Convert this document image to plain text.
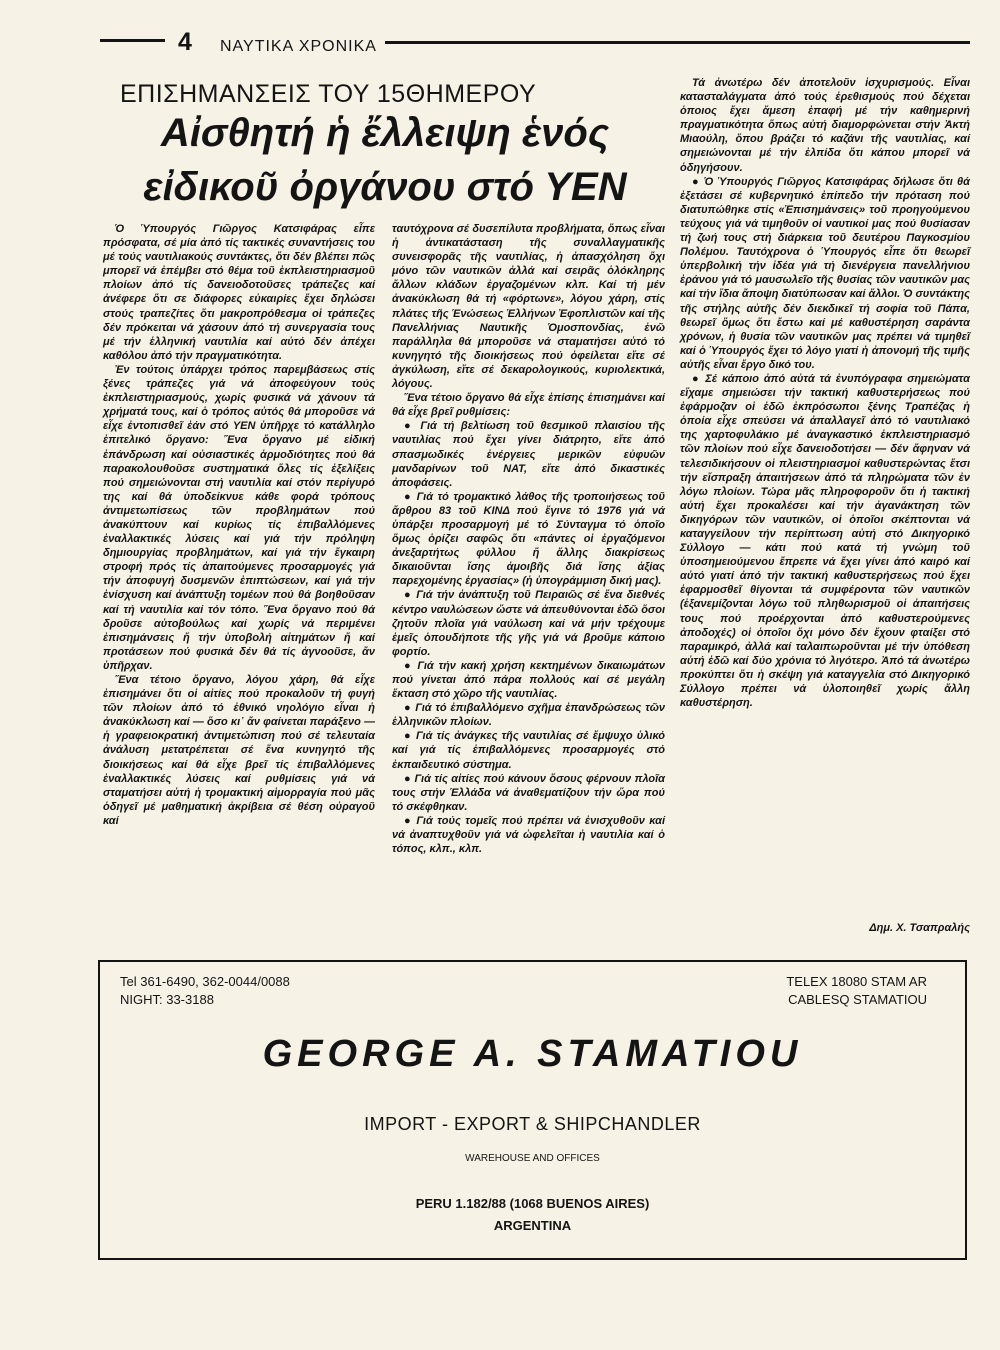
4 ΝΑΥΤΙΚΑ ΧΡΟΝΙΚΑ
ΕΠΙΣΗΜΑΝΣΕΙΣ ΤΟΥ 15ΘΗΜΕΡΟΥ
Αἰσθητή ἡ ἔλλειψη ἑνός
εἰδικοῦ ὀργάνου στό ΥΕΝ

Ὁ Ὑπουργός Γιῶργος Κατσιφάρας εἶπε πρόσφατα, σέ μία ἀπό τίς τακτικές συναντήσεις του μέ τούς ναυτιλιακούς συντάκτες, ὅτι δέν βλέπει πῶς μπορεῖ νά ἐπέμβει στό θέμα τοῦ ἐκπλειστηριασμοῦ πλοίων ἀπό τίς δανειοδοτοῦσες τράπεζες καί ἀνέφερε ὅτι σε διάφορες εὐκαιρίες ἔχει δηλώσει στούς τραπεζίτες ὅτι μακροπρόθεσμα οἱ τράπεζες δέν πρόκειται νά χάσουν ἀπό τή συνεργασία τους μέ τήν ἑλληνική ναυτιλία καί αὐτό δέν ἀπέχει καθόλου ἀπό τήν πραγματικότητα.

Ἐν τούτοις ὑπάρχει τρόπος παρεμβάσεως στίς ξένες τράπεζες γιά νά ἀποφεύγουν τούς ἐκπλειστηριασμούς, χωρίς φυσικά νά χάνουν τά χρήματά τους, καί ὁ τρόπος αὐτός θά μποροῦσε νά εἶχε ἐντοπισθεῖ ἐάν στό ΥΕΝ ὑπῆρχε τό κατάλληλο ἐπιτελικό ὄργανο: Ἕνα ὄργανο μέ εἰδική ἐπάνδρωση καί οὐσιαστικές ἁρμοδιότητες πού θά παρακολουθοῦσε συστηματικά ὅλες τίς ἐξελίξεις πού σημειώνονται στή ναυτιλία καί στόν περίγυρό της καί θά ὑποδείκνυε κάθε φορά τρόπους ἀντιμετωπίσεως τῶν προβλημάτων πού ἀνακύπτουν καί κυρίως τίς ἐπιβαλλόμενες ἐναλλακτικές λύσεις καί γιά τήν πρόληψη δημιουργίας προβλημάτων, καί γιά τήν ἔγκαιρη στροφή πρός τίς ἀπαιτούμενες προσαρμογές γιά τήν ἀποφυγή δυσμενῶν ἐπιπτώσεων, καί γιά τήν ἐνίσχυση καί ἀνάπτυξη τομέων πού θά βοηθοῦσαν καί τή ναυτιλία καί τόν τόπο. Ἕνα ὄργανο πού θά δροῦσε αὐτοβούλως καί χωρίς νά περιμένει ἐπισημάνσεις ἤ τήν ὑποβολή αἰτημάτων ἤ καί προτάσεων πού φυσικά δέν θά τίς ἀγνοοῦσε, ἄν ὑπῆρχαν.

Ἕνα τέτοιο ὄργανο, λόγου χάρη, θά εἶχε ἐπισημάνει ὅτι οἱ αἰτίες πού προκαλοῦν τή φυγή τῶν πλοίων ἀπό τό ἐθνικό νηολόγιο εἶναι ἡ ἀνακύκλωση καί — ὅσο κι᾿ ἄν φαίνεται παράξενο — ἡ γραφειοκρατική ἀντιμετώπιση πού σέ τελευταία ἀνάλυση μετατρέπεται σέ ἕνα κυνηγητό τῆς διοικήσεως καί θά εἶχε βρεῖ τίς ἐπιβαλλόμενες ἐναλλακτικές λύσεις καί ρυθμίσεις γιά νά σταματήσει αὐτή ἡ τρομακτική αἱμορραγία πού μᾶς ὁδηγεῖ μέ μαθηματική ἀκρίβεια σέ θέση οὐραγοῦ καί

ταυτόχρονα σέ δυσεπίλυτα προβλήματα, ὅπως εἶναι ἡ ἀντικατάσταση τῆς συναλλαγματικῆς συνεισφορᾶς τῆς ναυτιλίας, ἡ ἀπασχόληση ὄχι μόνο τῶν ναυτικῶν ἀλλά καί σειρᾶς ὁλόκληρης ἄλλων κλάδων ἐργαζομένων κλπ. Καί τή μέν ἀνακύκλωση θά τή «φόρτωνε», λόγου χάρη, στίς πλάτες τῆς Ἑνώσεως Ἑλλήνων Ἐφοπλιστῶν καί τῆς Πανελλήνιας Ναυτικῆς Ὁμοσπονδίας, ἐνῶ παράλληλα θά μποροῦσε νά σταματήσει αὐτό τό κυνηγητό τῆς διοικήσεως πού ὀφείλεται εἴτε σέ ἀγκύλωση, εἴτε σέ δεκαρολογικούς, κυριολεκτικά, λόγους.

Ἕνα τέτοιο ὄργανο θά εἶχε ἐπίσης ἐπισημάνει καί θά εἶχε βρεῖ ρυθμίσεις:

● Γιά τή βελτίωση τοῦ θεσμικοῦ πλαισίου τῆς ναυτιλίας πού ἔχει γίνει διάτρητο, εἴτε ἀπό σπασμωδικές ἐνέργειες μερικῶν εὐφυῶν μανδαρίνων τοῦ ΝΑΤ, εἴτε ἀπό δικαστικές ἀποφάσεις.

● Γιά τό τρομακτικό λάθος τῆς τροποιήσεως τοῦ ἄρθρου 83 τοῦ ΚΙΝΔ πού ἔγινε τό 1976 γιά νά ὑπάρξει προσαρμογή μέ τό Σύνταγμα τό ὁποῖο ὅμως ὁρίζει σαφῶς ὅτι «πάντες οἱ ἐργαζόμενοι ἀνεξαρτήτως φύλλου ἤ ἄλλης διακρίσεως δικαιοῦνται ἴσης ἀμοιβῆς διά ἴσης ἀξίας παρεχομένης ἐργασίας» (ἡ ὑπογράμμιση δική μας).

● Γιά τήν ἀνάπτυξη τοῦ Πειραιῶς σέ ἕνα διεθνές κέντρο ναυλώσεων ὥστε νά ἀπευθύνονται ἐδῶ ὅσοι ζητοῦν πλοῖα γιά ναύλωση καί νά μήν τρέχουμε ἐμεῖς ὁπουδήποτε τῆς γῆς γιά νά βροῦμε κάποιο φορτίο.

● Γιά τήν κακή χρήση κεκτημένων δικαιωμάτων πού γίνεται ἀπό πάρα πολλούς καί σέ μεγάλη ἔκταση στό χῶρο τῆς ναυτιλίας.

● Γιά τό ἐπιβαλλόμενο σχῆμα ἐπανδρώσεως τῶν ἑλληνικῶν πλοίων.

● Γιά τίς ἀνάγκες τῆς ναυτιλίας σέ ἔμψυχο ὑλικό καί γιά τίς ἐπιβαλλόμενες προσαρμογές στό ἐκπαιδευτικό σύστημα.

● Γιά τίς αἰτίες πού κάνουν ὅσους φέρνουν πλοῖα τους στήν Ἑλλάδα νά ἀναθεματίζουν τήν ὥρα πού τό σκέφθηκαν.

● Γιά τούς τομεῖς πού πρέπει νά ἐνισχυθοῦν καί νά ἀναπτυχθοῦν γιά νά ὠφελεῖται ἡ ναυτιλία καί ὁ τόπος, κλπ., κλπ.

Τά ἀνωτέρω δέν ἀποτελοῦν ἰσχυρισμούς. Εἶναι κατασταλάγματα ἀπό τούς ἐρεθισμούς πού δέχεται ὁποιος ἔχει ἄμεση ἐπαφή μέ τήν καθημερινή πραγματικότητα ὅπως αὐτή διαμορφώνεται στήν Ἀκτή Μιαούλη, ὅπου βράζει τό καζάνι τῆς ναυτιλίας, καί σημειώνονται μέ τήν ἐλπίδα ὅτι κάπου μπορεῖ νά ὁδηγήσουν.

● Ὁ Ὑπουργός Γιῶργος Κατσιφάρας δήλωσε ὅτι θά ἐξετάσει σέ κυβερνητικό ἐπίπεδο τήν πρόταση πού διατυπώθηκε στίς «Ἐπισημάνσεις» τοῦ προηγούμενου τεύχους γιά νά τιμηθοῦν οἱ ναυτικοί μας πού θυσίασαν τή ζωή τους στή διάρκεια τοῦ δευτέρου Παγκοσμίου Πολέμου. Ταυτόχρονα ὁ Ὑπουργός εἶπε ὅτι θεωρεῖ ὑπερβολική τήν ἰδέα γιά τή διενέργεια πανελλήνιου ἐράνου γιά τό μαυσωλεῖο τῆς θυσίας τῶν ναυτικῶν μας καί τήν ἴδια ἄποψη διατύπωσαν καί ἄλλοι. Ὁ συντάκτης τῆς στήλης αὐτῆς δέν διεκδικεῖ τή σοφία τοῦ Πάπα, θεωρεῖ ὅμως ὅτι ἔστω καί μέ καθυστέρηση σαράντα χρόνων, ἡ θυσία τῶν ναυτικῶν μας πρέπει νά τιμηθεῖ καί ὁ Ὑπουργός ἔχει τό λόγο γιατί ἡ ἀπονομή τῆς τιμῆς αὐτῆς εἶναι ἔργο δικό του.

● Σέ κάποιο ἀπό αὐτά τά ἐνυπόγραφα σημειώματα εἴχαμε σημειώσει τήν τακτική καθυστερήσεως πού ἐφάρμοζαν οἱ ἐδῶ ἐκπρόσωποι ξένης Τραπέζας ἡ ὁποία εἶχε σπεύσει νά ἀπαλλαγεῖ ἀπό τό ναυτιλιακό της χαρτοφυλάκιο μέ ἀναγκαστικό ἐκπλειστηριασμό τῶν πλοίων πού εἶχε δανειοδοτήσει — δέν ἄφηναν νά τελεσιδικήσουν οἱ πλειστηριασμοί καθυστερώντας ἔτσι τήν εἴσπραξη ἀπαιτήσεων ἀπό τά πληρώματα τῶν ἐν λόγω πλοίων. Τώρα μᾶς πληροφοροῦν ὅτι ἡ τακτική αὐτή ἔχει προκαλέσει καί τήν ἀγανάκτηση τῶν δικηγόρων τῶν ναυτικῶν, οἱ ὁποῖοι σκέπτονται νά καταγγείλουν τήν περίπτωση αὐτή στό Δικηγορικό Σύλλογο — κάτι πού κατά τή γνώμη τοῦ ὑποσημειούμενου ἔπρεπε νά ἔχει γίνει ἀπό καιρό καί αὐτό γιατί ἀπό τήν τακτική καθυστερήσεως πού ἔχει ἐφαρμοσθεῖ θίγονται τά συμφέροντα τῶν ναυτικῶν (ἐξανεμίζονται λόγω τοῦ πληθωρισμοῦ οἱ ἀπαιτήσεις τους πού προέρχονται ἀπό καθυστερούμενες ἀποδοχές) οἱ ὁποῖοι ὄχι μόνο δέν ἔχουν φταίξει στό παραμικρό, ἀλλά καί ταλαιπωροῦνται μέ τήν ὑπόθεση αὐτή ἐδῶ καί δύο χρόνια τό λιγότερο. Ἀπό τά ἀνωτέρω προκύπτει ὅτι ἡ σκέψη γιά καταγγελία στό Δικηγορικό Σύλλογο πρέπει νά ὑλοποιηθεῖ χωρίς ἄλλη καθυστέρηση.

Δημ. Χ. Τσαπραλής
Tel 361-6490, 362-0044/0088
NIGHT: 33-3188
TELEX 18080 STAM AR
CABLESQ STAMATIOU
GEORGE A. STAMATIOU
IMPORT - EXPORT & SHIPCHANDLER
WAREHOUSE AND OFFICES
PERU 1.182/88 (1068 BUENOS AIRES)
ARGENTINA
